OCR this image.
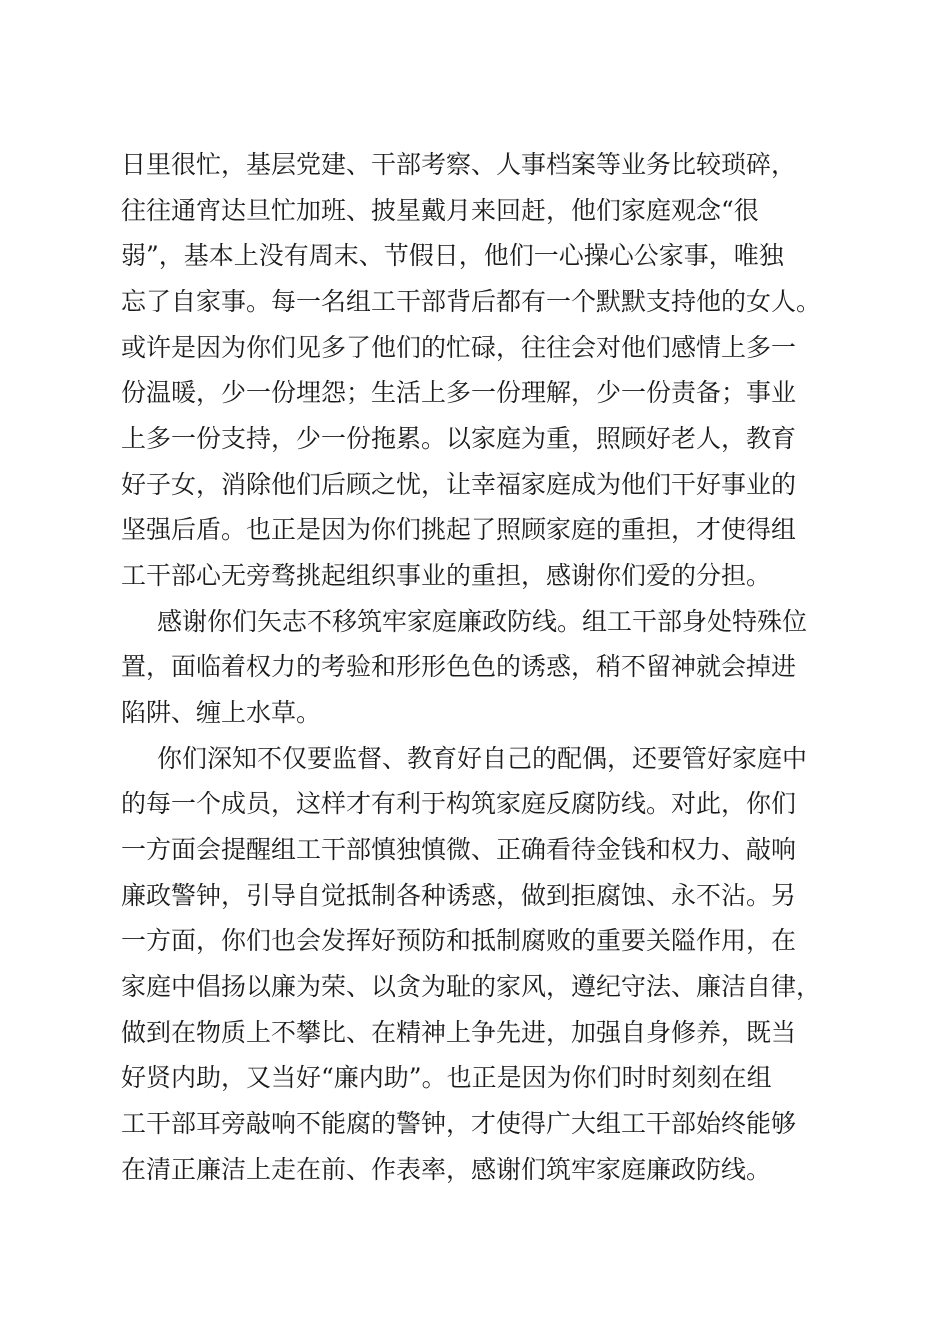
日里很忙，基层党建、干部考察、人事档案等业务比较琐碎，
往往通宵达旦忙加班、披星戴月来回赶，他们家庭观念“很
弱”，基本上没有周末、节假日，他们一心操心公家事，唯独
忘了自家事。每一名组工干部背后都有一个默默支持他的女人。
或许是因为你们见多了他们的忙碌，往往会对他们感情上多一
份温暖，少一份埋怨；生活上多一份理解，少一份责备；事业
上多一份支持，少一份拖累。以家庭为重，照顾好老人，教育
好子女，消除他们后顾之忧，让幸福家庭成为他们干好事业的
坚强后盾。也正是因为你们挑起了照顾家庭的重担，才使得组
工干部心无旁骛挑起组织事业的重担，感谢你们爱的分担。
感谢你们矢志不移筑牢家庭廉政防线。组工干部身处特殊位
置，面临着权力的考验和形形色色的诱惑，稍不留神就会掉进
陷阱、缠上水草。
你们深知不仅要监督、教育好自己的配偶，还要管好家庭中
的每一个成员，这样才有利于构筑家庭反腐防线。对此，你们
一方面会提醒组工干部慎独慎微、正确看待金钱和权力、敲响
廉政警钟，引导自觉抵制各种诱惑，做到拒腐蚀、永不沾。另
一方面，你们也会发挥好预防和抵制腐败的重要关隘作用，在
家庭中倡扬以廉为荣、以贪为耻的家风，遵纪守法、廉洁自律，
做到在物质上不攀比、在精神上争先进，加强自身修养，既当
好贤内助，又当好“廉内助”。也正是因为你们时时刻刻在组
工干部耳旁敲响不能腐的警钟，才使得广大组工干部始终能够
在清正廉洁上走在前、作表率，感谢们筑牢家庭廉政防线。
